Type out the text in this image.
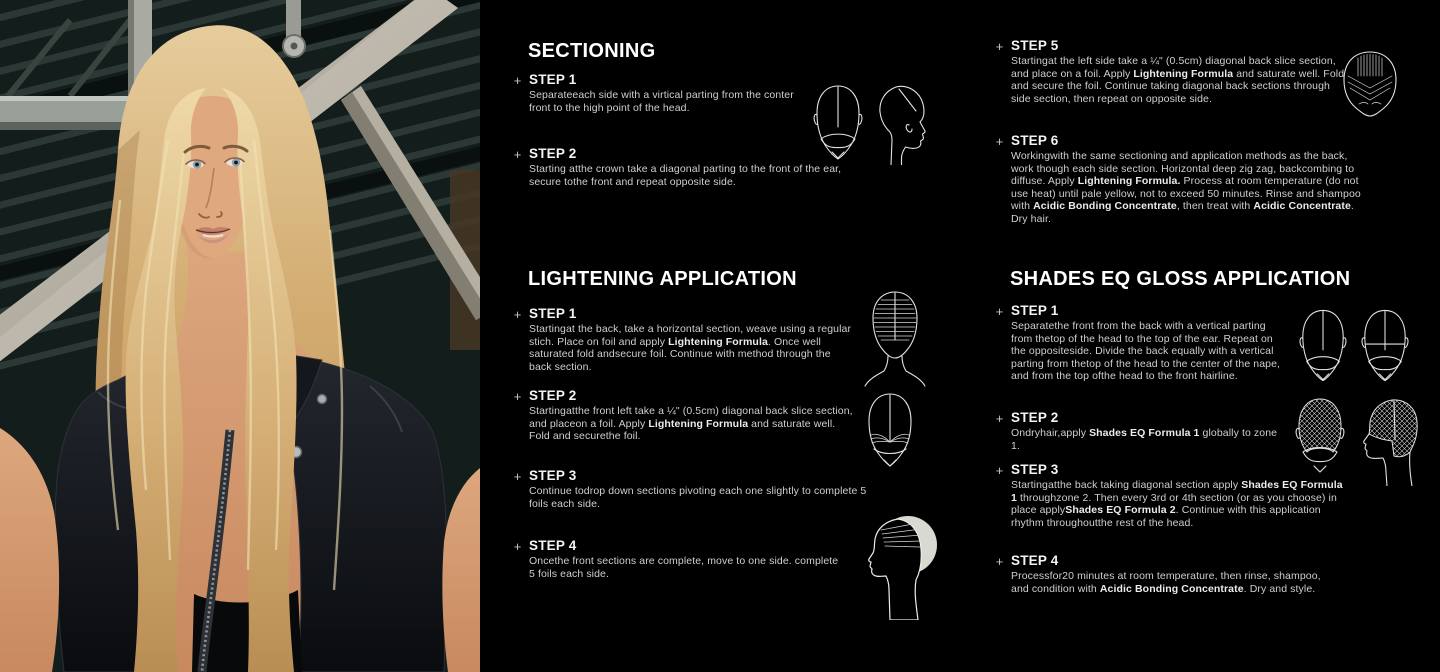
SECTIONING
+ STEP 1
Separateeach side with a virtical parting from the conter front to the high point of the head.
+ STEP 2
Starting atthe crown take a diagonal parting to the front of the ear, secure tothe front and repeat opposite side.
LIGHTENING APPLICATION
+ STEP 1
Startingat the back, take a horizontal section, weave using a regular stich. Place on foil and apply Lightening Formula. Once well saturated fold andsecure foil. Continue with method through the back section.
+ STEP 2
Startingatthe front left take a ¼" (0.5cm) diagonal back slice section, and placeon a foil. Apply Lightening Formula and saturate well. Fold and securethe foil.
+ STEP 3
Continue todrop down sections pivoting each one slightly to complete 5 foils each side.
+ STEP 4
Oncethe front sections are complete, move to one side. complete 5 foils each side.
+ STEP 5
Startingat the left side take a ¼" (0.5cm) diagonal back slice section, and place on a foil. Apply Lightening Formula and saturate well. Fold and secure the foil. Continue taking diagonal back sections through side section, then repeat on opposite side.
+ STEP 6
Workingwith the same sectioning and application methods as the back, work though each side section. Horizontal deep zig zag, backcombing to diffuse. Apply Lightening Formula. Process at room temperature (do not use heat) until pale yellow, not to exceed 50 minutes. Rinse and shampoo with Acidic Bonding Concentrate, then treat with Acidic Concentrate. Dry hair.
SHADES EQ GLOSS APPLICATION
+ STEP 1
Separatethe front from the back with a vertical parting from thetop of the head to the top of the ear. Repeat on the oppositeside. Divide the back equally with a vertical parting from thetop of the head to the center of the nape, and from the top ofthe head to the front hairline.
+ STEP 2
Ondryhair,apply Shades EQ Formula 1 globally to zone 1.
+ STEP 3
Startingatthe back taking diagonal section apply Shades EQ Formula 1 throughzone 2. Then every 3rd or 4th section (or as you choose) in place applyShades EQ Formula 2. Continue with this application rhythm throughoutthe rest of the head.
+ STEP 4
Processfor20 minutes at room temperature, then rinse, shampoo, and condition with Acidic Bonding Concentrate. Dry and style.
